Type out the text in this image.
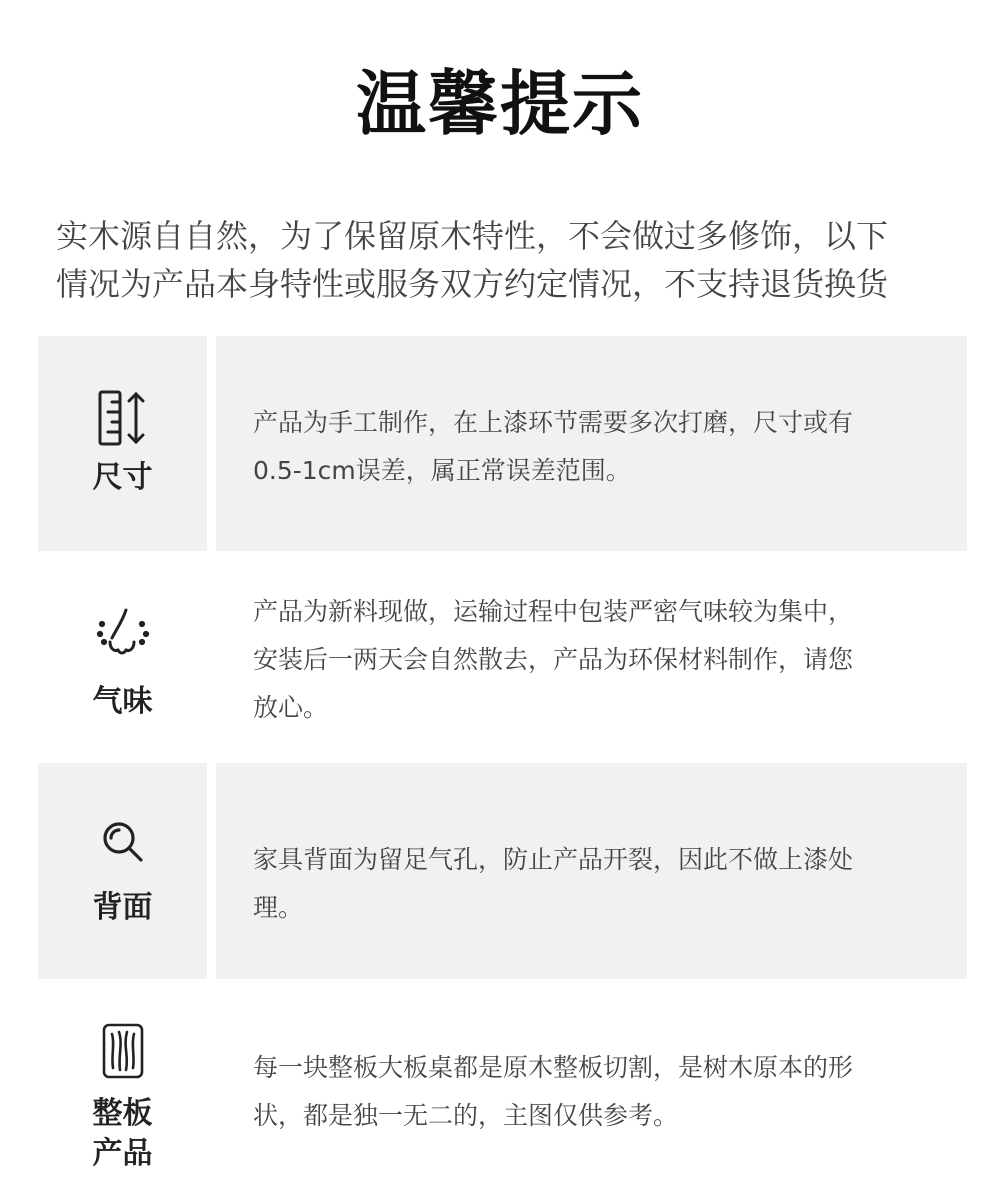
温馨提示
实木源自自然，为了保留原木特性，不会做过多修饰，以下
情况为产品本身特性或服务双方约定情况，不支持退货换货
尺寸
产品为手工制作，在上漆环节需要多次打磨，尺寸或有
0.5-1cm误差，属正常误差范围。
气味
产品为新料现做，运输过程中包装严密气味较为集中，
安装后一两天会自然散去，产品为环保材料制作，请您
放心。
背面
家具背面为留足气孔，防止产品开裂，因此不做上漆处
理。
整板
产品
每一块整板大板桌都是原木整板切割，是树木原本的形
状，都是独一无二的，主图仅供参考。
